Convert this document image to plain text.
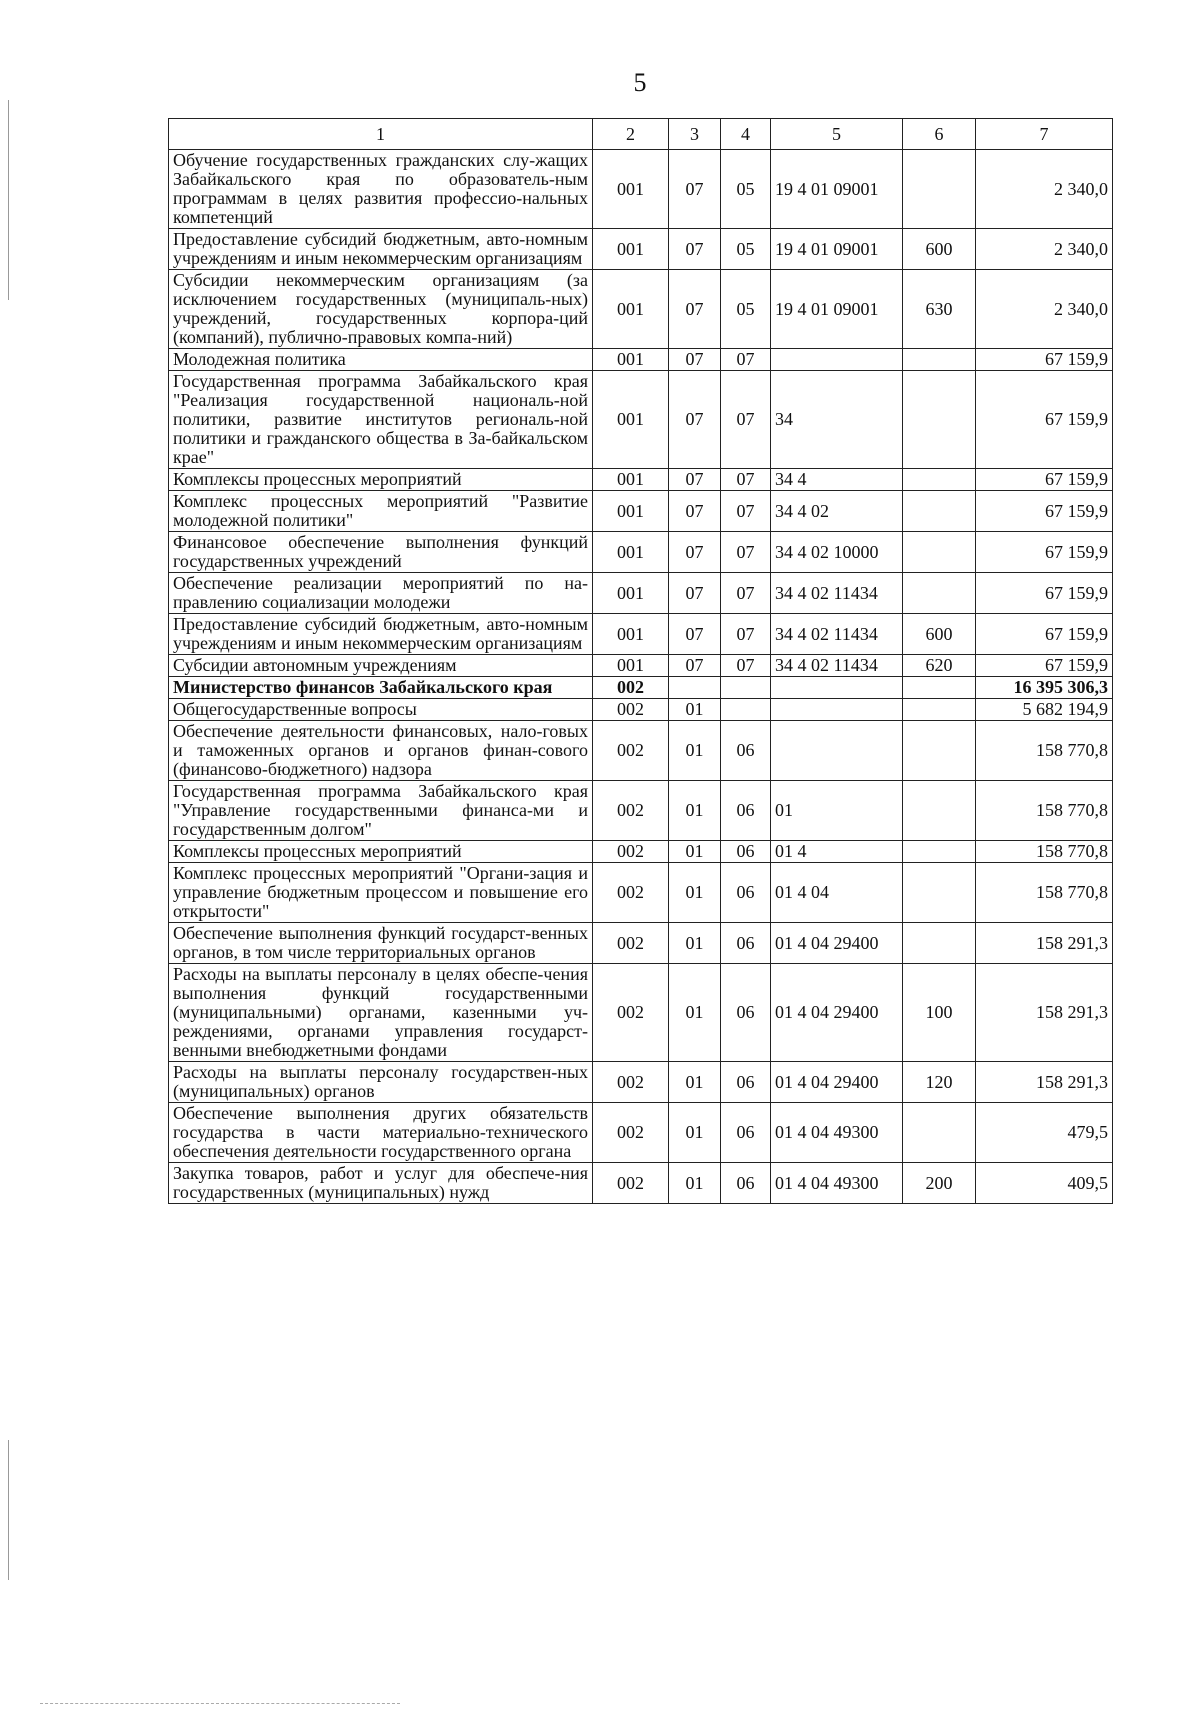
5
1	2	3	4	5	6	7
Обучение государственных гражданских слу-жащих Забайкальского края по образователь-ным программам в целях развития профессио-нальных компетенций	001	07	05	19 4 01 09001		2 340,0
Предоставление субсидий бюджетным, авто-номным учреждениям и иным некоммерческим организациям	001	07	05	19 4 01 09001	600	2 340,0
Субсидии некоммерческим организациям (за исключением государственных (муниципаль-ных) учреждений, государственных корпора-ций (компаний), публично-правовых компа-ний)	001	07	05	19 4 01 09001	630	2 340,0
Молодежная политика	001	07	07			67 159,9
Государственная программа Забайкальского края "Реализация государственной националь-ной политики, развитие институтов региональ-ной политики и гражданского общества в За-байкальском крае"	001	07	07	34		67 159,9
Комплексы процессных мероприятий	001	07	07	34 4		67 159,9
Комплекс процессных мероприятий "Развитие молодежной политики"	001	07	07	34 4 02		67 159,9
Финансовое обеспечение выполнения функций государственных учреждений	001	07	07	34 4 02 10000		67 159,9
Обеспечение реализации мероприятий по на-правлению социализации молодежи	001	07	07	34 4 02 11434		67 159,9
Предоставление субсидий бюджетным, авто-номным учреждениям и иным некоммерческим организациям	001	07	07	34 4 02 11434	600	67 159,9
Субсидии автономным учреждениям	001	07	07	34 4 02 11434	620	67 159,9
Министерство финансов Забайкальского края	002					16 395 306,3
Общегосударственные вопросы	002	01				5 682 194,9
Обеспечение деятельности финансовых, нало-говых и таможенных органов и органов финан-сового (финансово-бюджетного) надзора	002	01	06			158 770,8
Государственная программа Забайкальского края "Управление государственными финанса-ми и государственным долгом"	002	01	06	01		158 770,8
Комплексы процессных мероприятий	002	01	06	01 4		158 770,8
Комплекс процессных мероприятий "Органи-зация и управление бюджетным процессом и повышение его открытости"	002	01	06	01 4 04		158 770,8
Обеспечение выполнения функций государст-венных органов, в том числе территориальных органов	002	01	06	01 4 04 29400		158 291,3
Расходы на выплаты персоналу в целях обеспе-чения выполнения функций государственными (муниципальными) органами, казенными уч-реждениями, органами управления государст-венными внебюджетными фондами	002	01	06	01 4 04 29400	100	158 291,3
Расходы на выплаты персоналу государствен-ных (муниципальных) органов	002	01	06	01 4 04 29400	120	158 291,3
Обеспечение выполнения других обязательств государства в части материально-технического обеспечения деятельности государственного органа	002	01	06	01 4 04 49300		479,5
Закупка товаров, работ и услуг для обеспече-ния государственных (муниципальных) нужд	002	01	06	01 4 04 49300	200	409,5
